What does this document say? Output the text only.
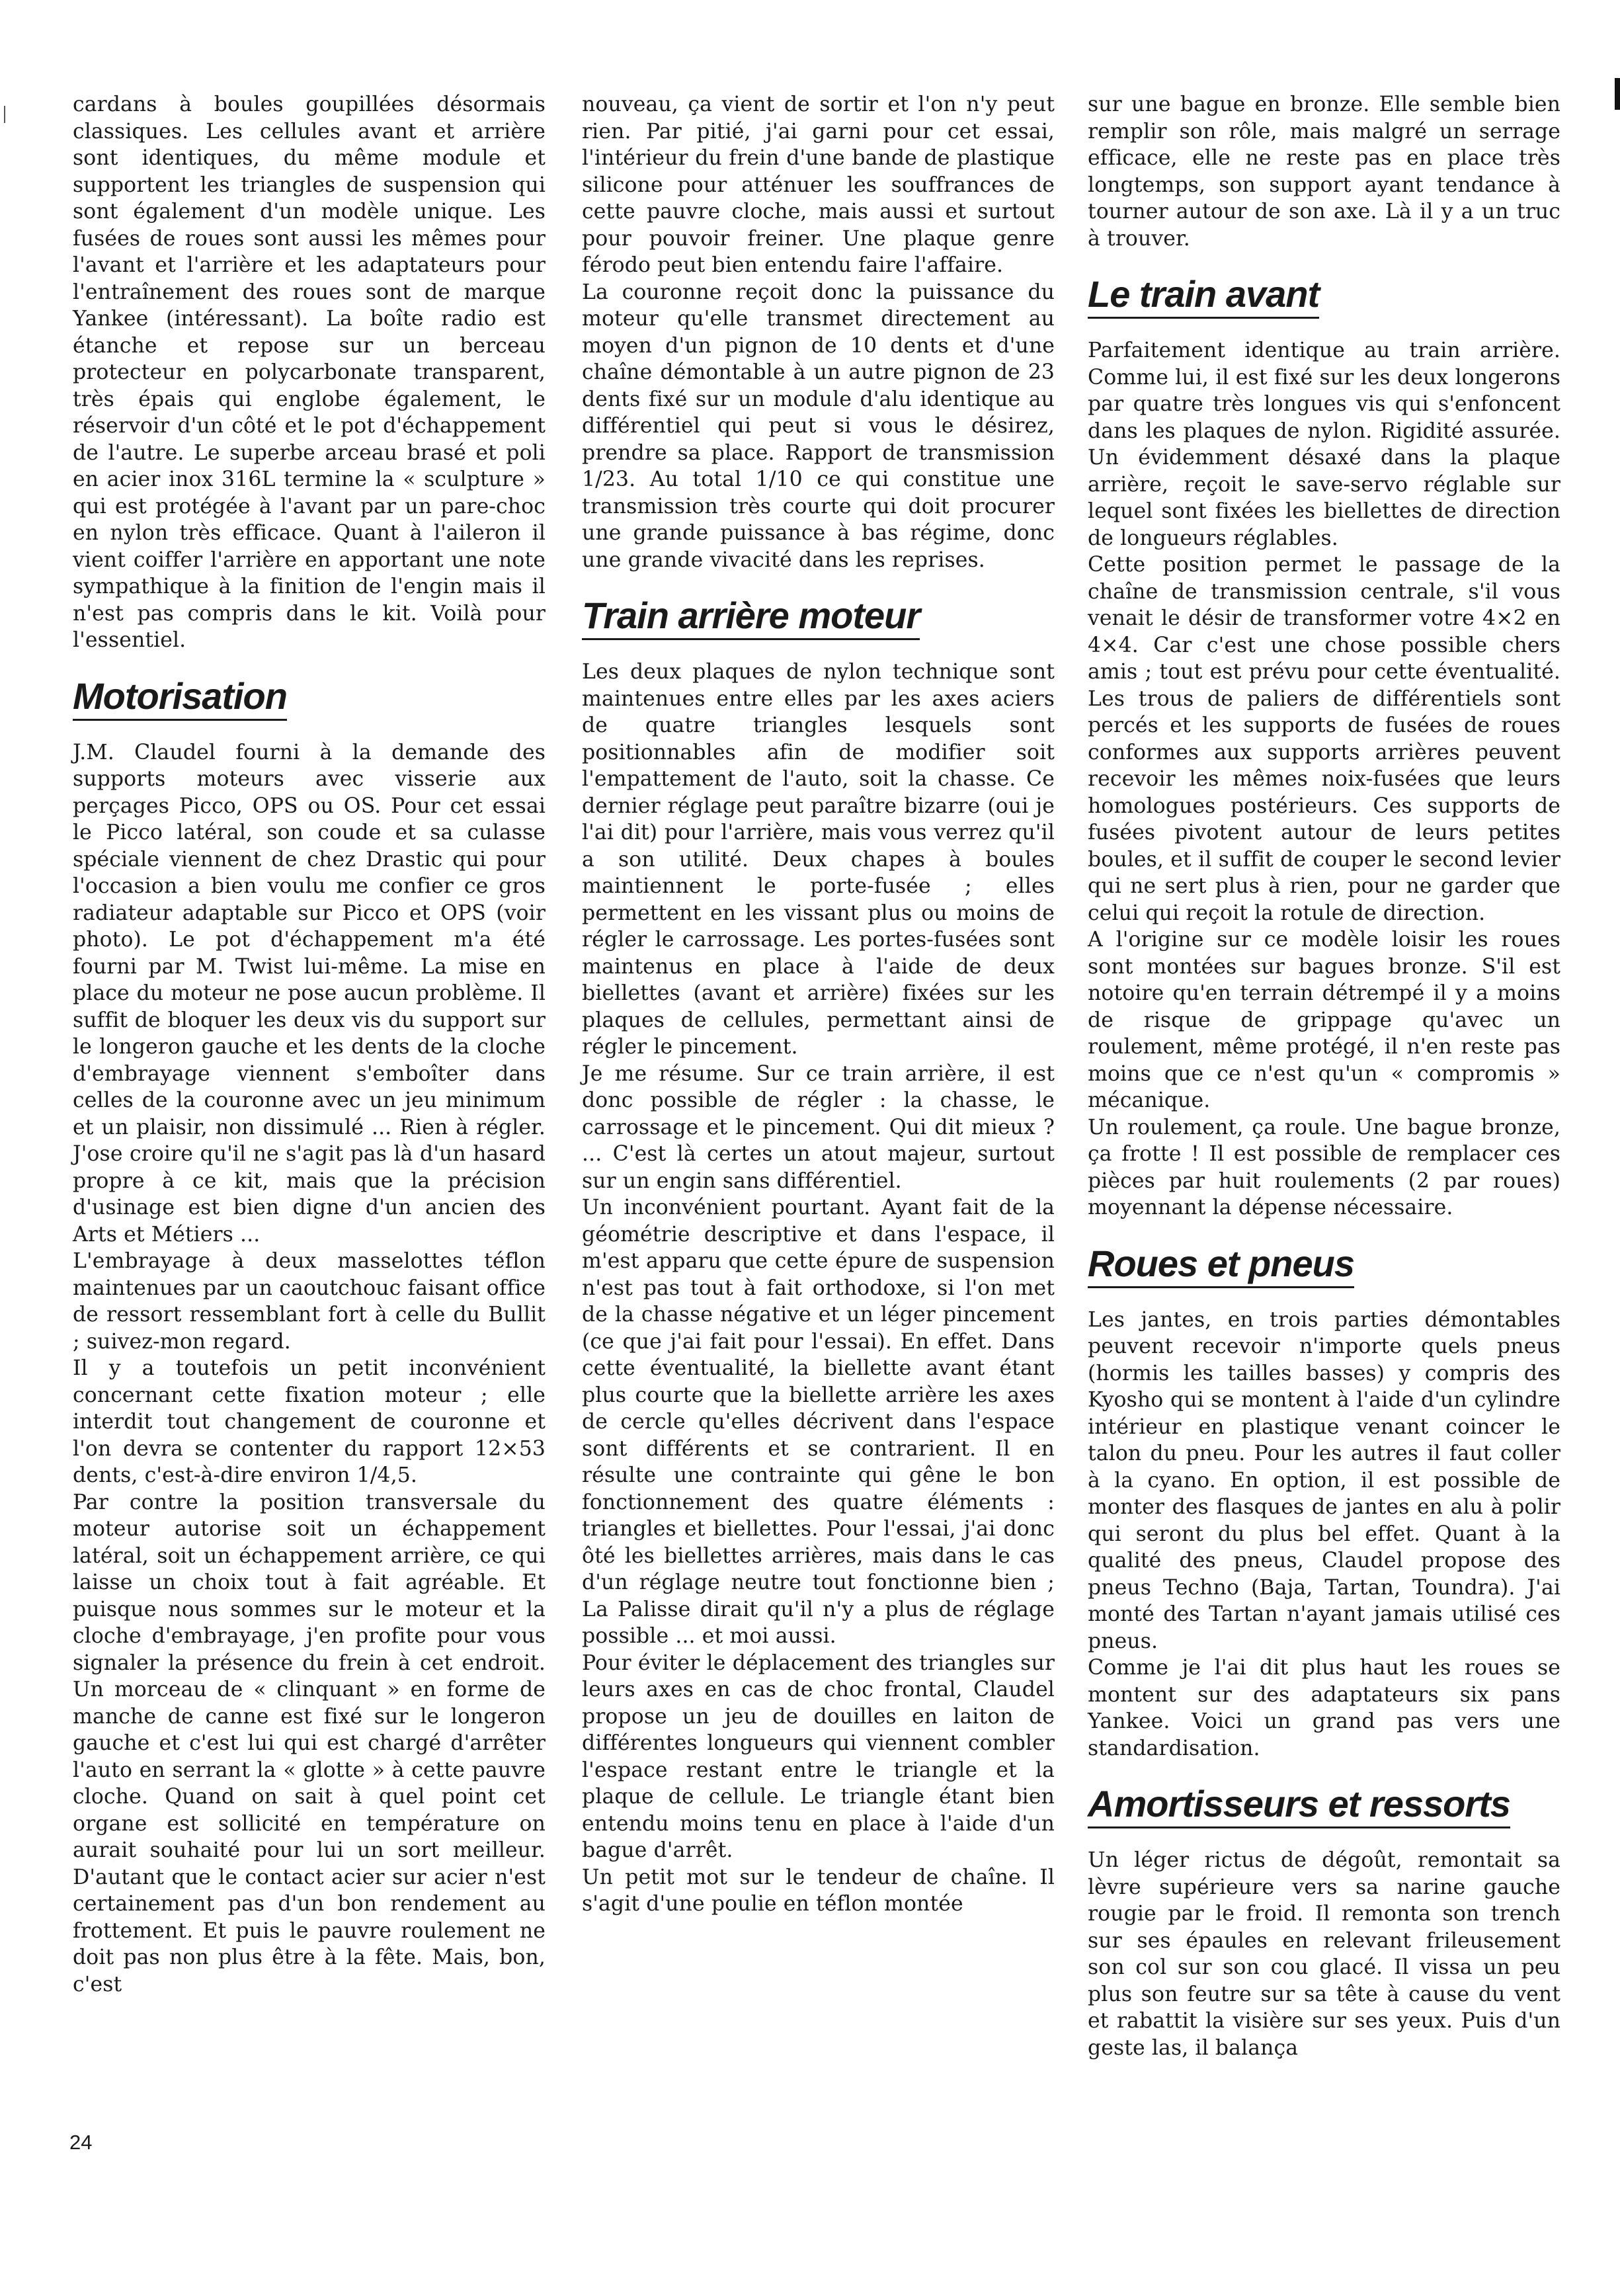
cardans à boules goupillées désormais classiques. Les cellules avant et arrière sont identiques, du même module et supportent les triangles de suspension qui sont également d'un modèle unique. Les fusées de roues sont aussi les mêmes pour l'avant et l'arrière et les adaptateurs pour l'entraînement des roues sont de marque Yankee (intéressant). La boîte radio est étanche et repose sur un berceau protecteur en polycarbonate transparent, très épais qui englobe également, le réservoir d'un côté et le pot d'échappement de l'autre. Le superbe arceau brasé et poli en acier inox 316L termine la « sculpture » qui est protégée à l'avant par un pare-choc en nylon très efficace. Quant à l'aileron il vient coiffer l'arrière en apportant une note sympathique à la finition de l'engin mais il n'est pas compris dans le kit. Voilà pour l'essentiel.

Motorisation

J.M. Claudel fourni à la demande des supports moteurs avec visserie aux perçages Picco, OPS ou OS. Pour cet essai le Picco latéral, son coude et sa culasse spéciale viennent de chez Drastic qui pour l'occasion a bien voulu me confier ce gros radiateur adaptable sur Picco et OPS (voir photo). Le pot d'échappement m'a été fourni par M. Twist lui-même. La mise en place du moteur ne pose aucun problème. Il suffit de bloquer les deux vis du support sur le longeron gauche et les dents de la cloche d'embrayage viennent s'emboîter dans celles de la couronne avec un jeu minimum et un plaisir, non dissimulé ... Rien à régler. J'ose croire qu'il ne s'agit pas là d'un hasard propre à ce kit, mais que la précision d'usinage est bien digne d'un ancien des Arts et Métiers ...

L'embrayage à deux masselottes téflon maintenues par un caoutchouc faisant office de ressort ressemblant fort à celle du Bullit ; suivez-mon regard.

Il y a toutefois un petit inconvénient concernant cette fixation moteur ; elle interdit tout changement de couronne et l'on devra se contenter du rapport 12×53 dents, c'est-à-dire environ 1/4,5.

Par contre la position transversale du moteur autorise soit un échappement latéral, soit un échappement arrière, ce qui laisse un choix tout à fait agréable. Et puisque nous sommes sur le moteur et la cloche d'embrayage, j'en profite pour vous signaler la présence du frein à cet endroit. Un morceau de « clinquant » en forme de manche de canne est fixé sur le longeron gauche et c'est lui qui est chargé d'arrêter l'auto en serrant la « glotte » à cette pauvre cloche. Quand on sait à quel point cet organe est sollicité en température on aurait souhaité pour lui un sort meilleur. D'autant que le contact acier sur acier n'est certainement pas d'un bon rendement au frottement. Et puis le pauvre roulement ne doit pas non plus être à la fête. Mais, bon, c'est

nouveau, ça vient de sortir et l'on n'y peut rien. Par pitié, j'ai garni pour cet essai, l'intérieur du frein d'une bande de plastique silicone pour atténuer les souffrances de cette pauvre cloche, mais aussi et surtout pour pouvoir freiner. Une plaque genre férodo peut bien entendu faire l'affaire.

La couronne reçoit donc la puissance du moteur qu'elle transmet directement au moyen d'un pignon de 10 dents et d'une chaîne démontable à un autre pignon de 23 dents fixé sur un module d'alu identique au différentiel qui peut si vous le désirez, prendre sa place. Rapport de transmission 1/23. Au total 1/10 ce qui constitue une transmission très courte qui doit procurer une grande puissance à bas régime, donc une grande vivacité dans les reprises.

Train arrière moteur

Les deux plaques de nylon technique sont maintenues entre elles par les axes aciers de quatre triangles lesquels sont positionnables afin de modifier soit l'empattement de l'auto, soit la chasse. Ce dernier réglage peut paraître bizarre (oui je l'ai dit) pour l'arrière, mais vous verrez qu'il a son utilité. Deux chapes à boules maintiennent le porte-fusée ; elles permettent en les vissant plus ou moins de régler le carrossage. Les portes-fusées sont maintenus en place à l'aide de deux biellettes (avant et arrière) fixées sur les plaques de cellules, permettant ainsi de régler le pincement.

Je me résume. Sur ce train arrière, il est donc possible de régler : la chasse, le carrossage et le pincement. Qui dit mieux ? ... C'est là certes un atout majeur, surtout sur un engin sans différentiel.

Un inconvénient pourtant. Ayant fait de la géométrie descriptive et dans l'espace, il m'est apparu que cette épure de suspension n'est pas tout à fait orthodoxe, si l'on met de la chasse négative et un léger pincement (ce que j'ai fait pour l'essai). En effet. Dans cette éventualité, la biellette avant étant plus courte que la biellette arrière les axes de cercle qu'elles décrivent dans l'espace sont différents et se contrarient. Il en résulte une contrainte qui gêne le bon fonctionnement des quatre éléments : triangles et biellettes. Pour l'essai, j'ai donc ôté les biellettes arrières, mais dans le cas d'un réglage neutre tout fonctionne bien ; La Palisse dirait qu'il n'y a plus de réglage possible ... et moi aussi.

Pour éviter le déplacement des triangles sur leurs axes en cas de choc frontal, Claudel propose un jeu de douilles en laiton de différentes longueurs qui viennent combler l'espace restant entre le triangle et la plaque de cellule. Le triangle étant bien entendu moins tenu en place à l'aide d'un bague d'arrêt.

Un petit mot sur le tendeur de chaîne. Il s'agit d'une poulie en téflon montée

sur une bague en bronze. Elle semble bien remplir son rôle, mais malgré un serrage efficace, elle ne reste pas en place très longtemps, son support ayant tendance à tourner autour de son axe. Là il y a un truc à trouver.

Le train avant

Parfaitement identique au train arrière. Comme lui, il est fixé sur les deux longerons par quatre très longues vis qui s'enfoncent dans les plaques de nylon. Rigidité assurée. Un évidemment désaxé dans la plaque arrière, reçoit le save-servo réglable sur lequel sont fixées les biellettes de direction de longueurs réglables.

Cette position permet le passage de la chaîne de transmission centrale, s'il vous venait le désir de transformer votre 4×2 en 4×4. Car c'est une chose possible chers amis ; tout est prévu pour cette éventualité. Les trous de paliers de différentiels sont percés et les supports de fusées de roues conformes aux supports arrières peuvent recevoir les mêmes noix-fusées que leurs homologues postérieurs. Ces supports de fusées pivotent autour de leurs petites boules, et il suffit de couper le second levier qui ne sert plus à rien, pour ne garder que celui qui reçoit la rotule de direction.

A l'origine sur ce modèle loisir les roues sont montées sur bagues bronze. S'il est notoire qu'en terrain détrempé il y a moins de risque de grippage qu'avec un roulement, même protégé, il n'en reste pas moins que ce n'est qu'un « compromis » mécanique.

Un roulement, ça roule. Une bague bronze, ça frotte ! Il est possible de remplacer ces pièces par huit roulements (2 par roues) moyennant la dépense nécessaire.

Roues et pneus

Les jantes, en trois parties démontables peuvent recevoir n'importe quels pneus (hormis les tailles basses) y compris des Kyosho qui se montent à l'aide d'un cylindre intérieur en plastique venant coincer le talon du pneu. Pour les autres il faut coller à la cyano. En option, il est possible de monter des flasques de jantes en alu à polir qui seront du plus bel effet. Quant à la qualité des pneus, Claudel propose des pneus Techno (Baja, Tartan, Toundra). J'ai monté des Tartan n'ayant jamais utilisé ces pneus.

Comme je l'ai dit plus haut les roues se montent sur des adaptateurs six pans Yankee. Voici un grand pas vers une standardisation.

Amortisseurs et ressorts

Un léger rictus de dégoût, remontait sa lèvre supérieure vers sa narine gauche rougie par le froid. Il remonta son trench sur ses épaules en relevant frileusement son col sur son cou glacé. Il vissa un peu plus son feutre sur sa tête à cause du vent et rabattit la visière sur ses yeux. Puis d'un geste las, il balança

24
